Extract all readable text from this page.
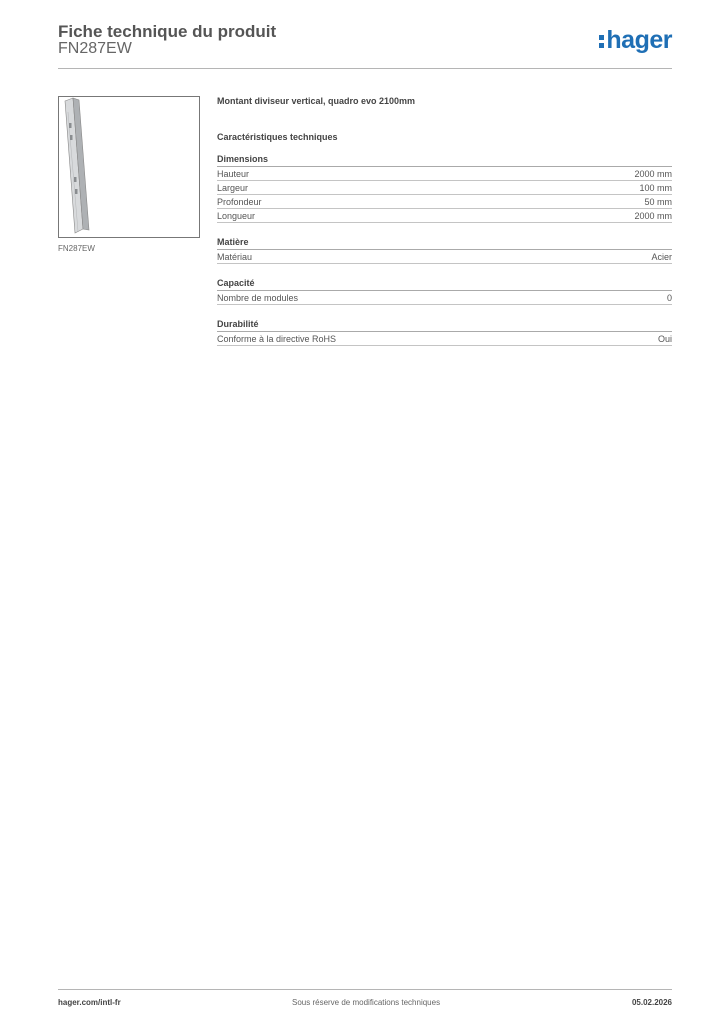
Fiche technique du produit
FN287EW	hager
FN287EW
Montant diviseur vertical, quadro evo 2100mm
Caractéristiques techniques
Dimensions
Hauteur	2000 mm
Largeur	100 mm
Profondeur	50 mm
Longueur	2000 mm
Matière
Matériau	Acier
Capacité
Nombre de modules	0
Durabilité
Conforme à la directive RoHS	Oui
hager.com/intl-fr	Sous réserve de modifications techniques	05.02.2026
